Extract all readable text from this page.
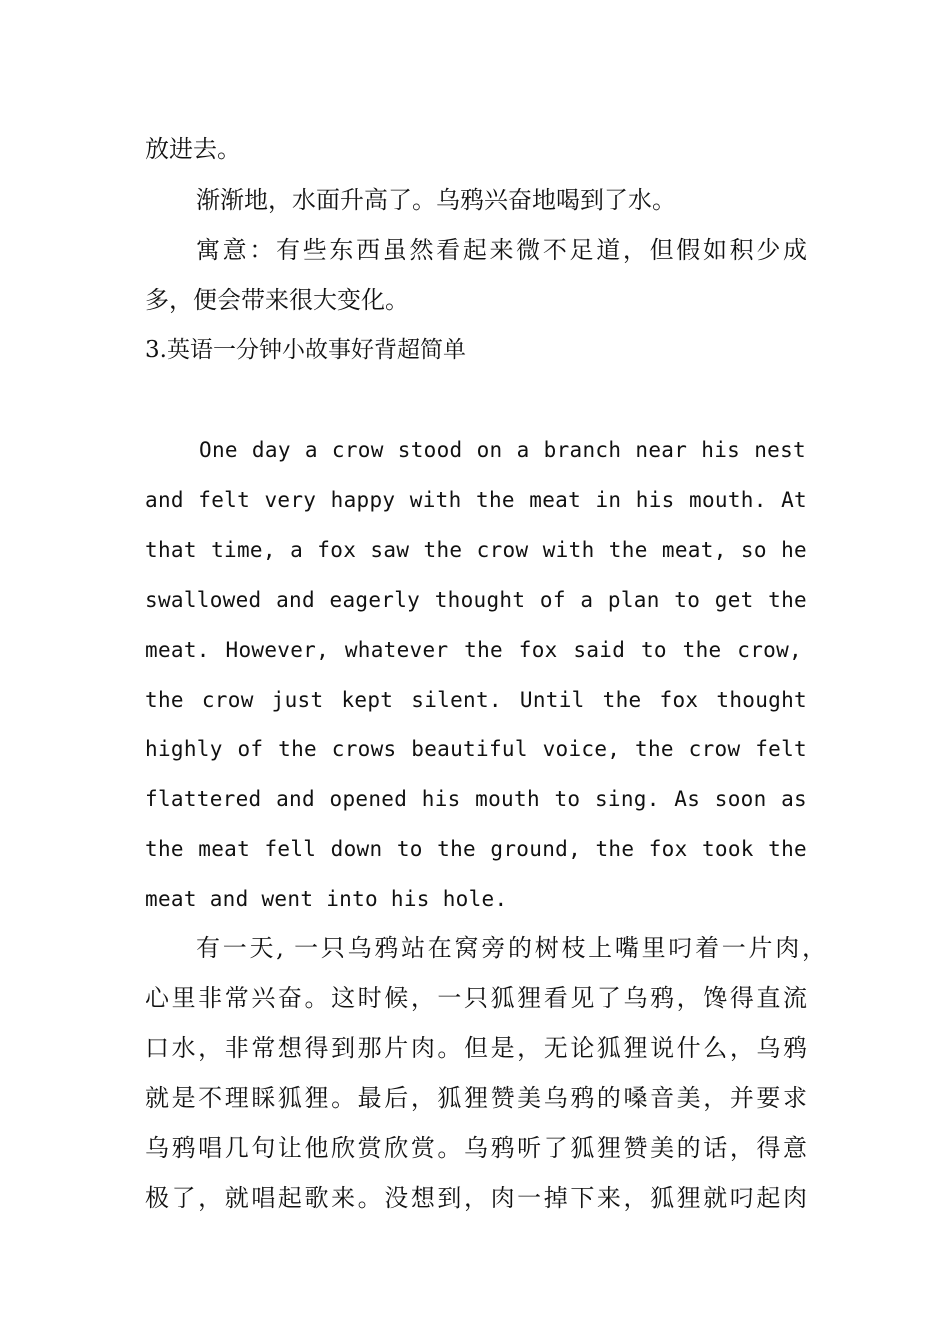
放进去。
渐渐地，水面升高了。乌鸦兴奋地喝到了水。
寓意：有些东西虽然看起来微不足道，但假如积少成
多，便会带来很大变化。
3.英语一分钟小故事好背超简单
One day a crow stood on a branch near his nest
and felt very happy with the meat in his mouth. At
that time, a fox saw the crow with the meat, so he
swallowed and eagerly thought of a plan to get the
meat. However, whatever the fox said to the crow,
the crow just kept silent. Until the fox thought
highly of the crows beautiful voice, the crow felt
flattered and opened his mouth to sing. As soon as
the meat fell down to the ground, the fox took the
meat and went into his hole.
有一天, 一只乌鸦站在窝旁的树枝上嘴里叼着一片肉，
心里非常兴奋。这时候，一只狐狸看见了乌鸦，馋得直流
口水，非常想得到那片肉。但是，无论狐狸说什么，乌鸦
就是不理睬狐狸。最后，狐狸赞美乌鸦的嗓音美，并要求
乌鸦唱几句让他欣赏欣赏。乌鸦听了狐狸赞美的话，得意
极了，就唱起歌来。没想到，肉一掉下来，狐狸就叼起肉
